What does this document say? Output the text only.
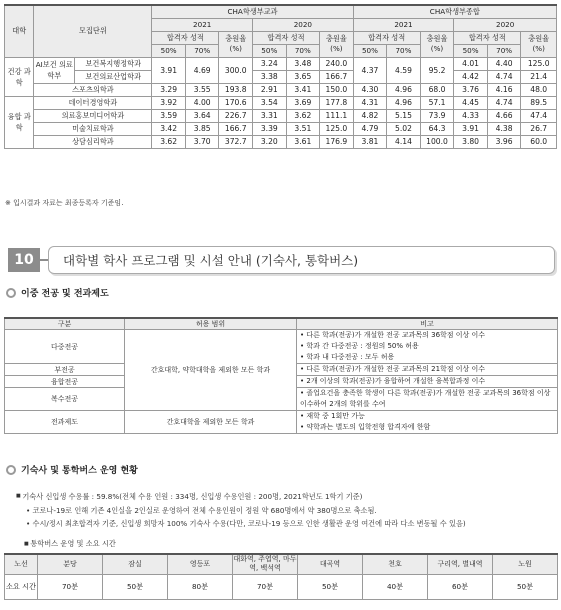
대학	모집단위		CHA학생부교과						CHA학생부종합					
			2021			2020			2021			2020		
			합격자 성적		충원율 (%)	합격자 성적		충원율 (%)	합격자 성적		충원율 (%)	합격자 성적		충원율 (%)
			50%	70%		50%	70%		50%	70%		50%	70%	
건강 과학	AI보건 의료학부	보건복지행정학과	3.91	4.69	300.0	3.24	3.48	240.0	4.37	4.59	95.2	4.01	4.40	125.0
		보건의료산업학과				3.38	3.65	166.7				4.42	4.74	21.4
	스포츠의학과		3.29	3.55	193.8	2.91	3.41	150.0	4.30	4.96	68.0	3.76	4.16	48.0
융합 과학	데이터경영학과		3.92	4.00	170.6	3.54	3.69	177.8	4.31	4.96	57.1	4.45	4.74	89.5
	의료홍보미디어학과		3.59	3.64	226.7	3.31	3.62	111.1	4.82	5.15	73.9	4.33	4.66	47.4
	미술치료학과		3.42	3.85	166.7	3.39	3.51	125.0	4.79	5.02	64.3	3.91	4.38	26.7
	상담심리학과		3.62	3.70	372.7	3.20	3.61	176.9	3.81	4.14	100.0	3.80	3.96	60.0
※ 입시결과 자료는 최종등록자 기준임.
10	대학별 학사 프로그램 및 시설 안내 (기숙사, 통학버스)
이중 전공 및 전과제도
구분	허용 범위	비고
다중전공	간호대학, 약학대학을 제외한 모든 학과	• 다른 학과(전공)가 개설한 전공 교과목의 36학점 이상 이수
• 학과 간 다중전공 : 정원의 50% 허용
• 학과 내 다중전공 : 모두 허용

부전공		• 다른 학과(전공)가 개설한 전공 교과목의 21학점 이상 이수

융합전공		• 2개 이상의 학과(전공)가 융합하여 개설한 융복합과정 이수

복수전공		• 졸업요건을 충족한 학생이 다른 학과(전공)가 개설한 전공 교과목의 36학점 이상 이수하여 2개의 학위를 수여

전과제도	간호대학을 제외한 모든 학과	• 재학 중 1회만 가능
• 약학과는 별도의 입학전형 합격자에 한함
기숙사 및 통학버스 운영 현황
■ 기숙사 신입생 수용률 : 59.8%(전체 수용 인원 : 334명, 신입생 수용인원 : 200명, 2021학년도 1학기 기준)
• 코로나-19로 인해 기존 4인실을 2인실로 운영하여 전체 수용인원이 정원 약 680명에서 약 380명으로 축소됨.
• 수시/정시 최초합격자 기준, 신입생 희망자 100% 기숙사 수용(다만, 코로나-19 등으로 인한 생활관 운영 여건에 따라 다소 변동될 수 있음)
■ 통학버스 운영 및 소요 시간
노선	분당	잠실	영등포	대화역, 주엽역, 마두역, 백석역	대곡역	천호	구리역, 별내역	노원
소요 시간	70분	50분	80분	70분	50분	40분	60분	50분
